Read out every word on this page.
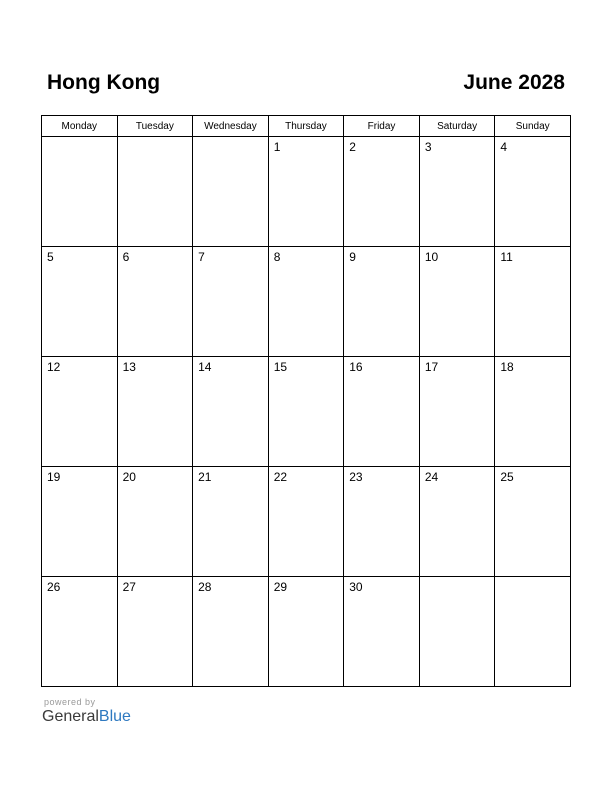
Hong Kong	June 2028
Monday	Tuesday	Wednesday	Thursday	Friday	Saturday	Sunday

			1	2	3	4

5	6	7	8	9	10	11

12	13	14	15	16	17	18

19	20	21	22	23	24	25

26	27	28	29	30		

powered by
GeneralBlue
